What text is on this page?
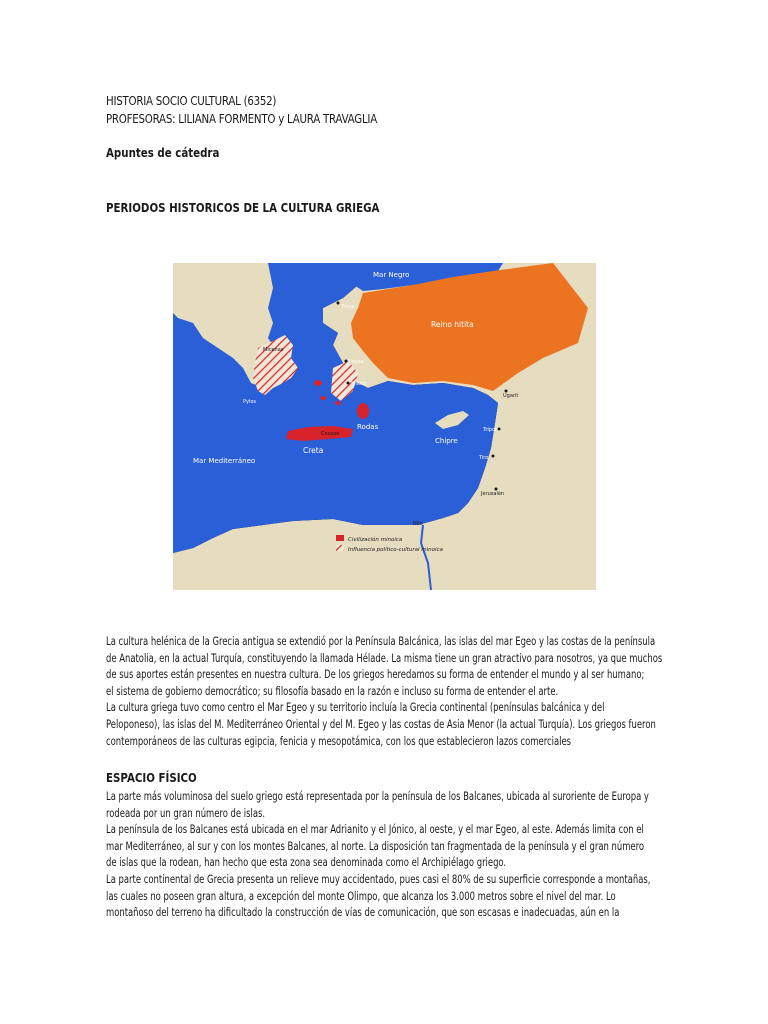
HISTORIA SOCIO CULTURAL (6352)
PROFESORAS: LILIANA FORMENTO y LAURA TRAVAGLIA
Apuntes de cátedra
PERIODOS HISTORICOS DE LA CULTURA GRIEGA
Mar Negro
Reino hitita
Mar Mediterráneo
Creta
Rodas
Chipre
Troya
Focea
Mileto
Pylos
Micenas
Cnosos
Ugarit
Trípoli
Tiro
Jerusalén
Nilo
Civilización minoica
Influencia político-cultural minoica
La cultura helénica de la Grecia antigua se extendió por la Península Balcánica, las islas del mar Egeo y las costas de la península
de Anatolia, en la actual Turquía, constituyendo la llamada Hélade. La misma tiene un gran atractivo para nosotros, ya que muchos
de sus aportes están presentes en nuestra cultura. De los griegos heredamos su forma de entender el mundo y al ser humano;
el sistema de gobierno democrático; su filosofía basado en la razón e incluso su forma de entender el arte.
La cultura griega tuvo como centro el Mar Egeo y su territorio incluía la Grecia continental (penínsulas balcánica y del
Peloponeso), las islas del M. Mediterráneo Oriental y del M. Egeo y las costas de Asia Menor (la actual Turquía). Los griegos fueron
contemporáneos de las culturas egipcia, fenicia y mesopotámica, con los que establecieron lazos comerciales
ESPACIO FÍSICO
La parte más voluminosa del suelo griego está representada por la península de los Balcanes, ubicada al suroriente de Europa y
rodeada por un gran número de islas.
La península de los Balcanes está ubicada en el mar Adrianito y el Jónico, al oeste, y el mar Egeo, al este. Además limita con el
mar Mediterráneo, al sur y con los montes Balcanes, al norte. La disposición tan fragmentada de la península y el gran número
de islas que la rodean, han hecho que esta zona sea denominada como el Archipiélago griego.
La parte continental de Grecia presenta un relieve muy accidentado, pues casi el 80% de su superficie corresponde a montañas,
las cuales no poseen gran altura, a excepción del monte Olimpo, que alcanza los 3.000 metros sobre el nivel del mar. Lo
montañoso del terreno ha dificultado la construcción de vías de comunicación, que son escasas e inadecuadas, aún en la
